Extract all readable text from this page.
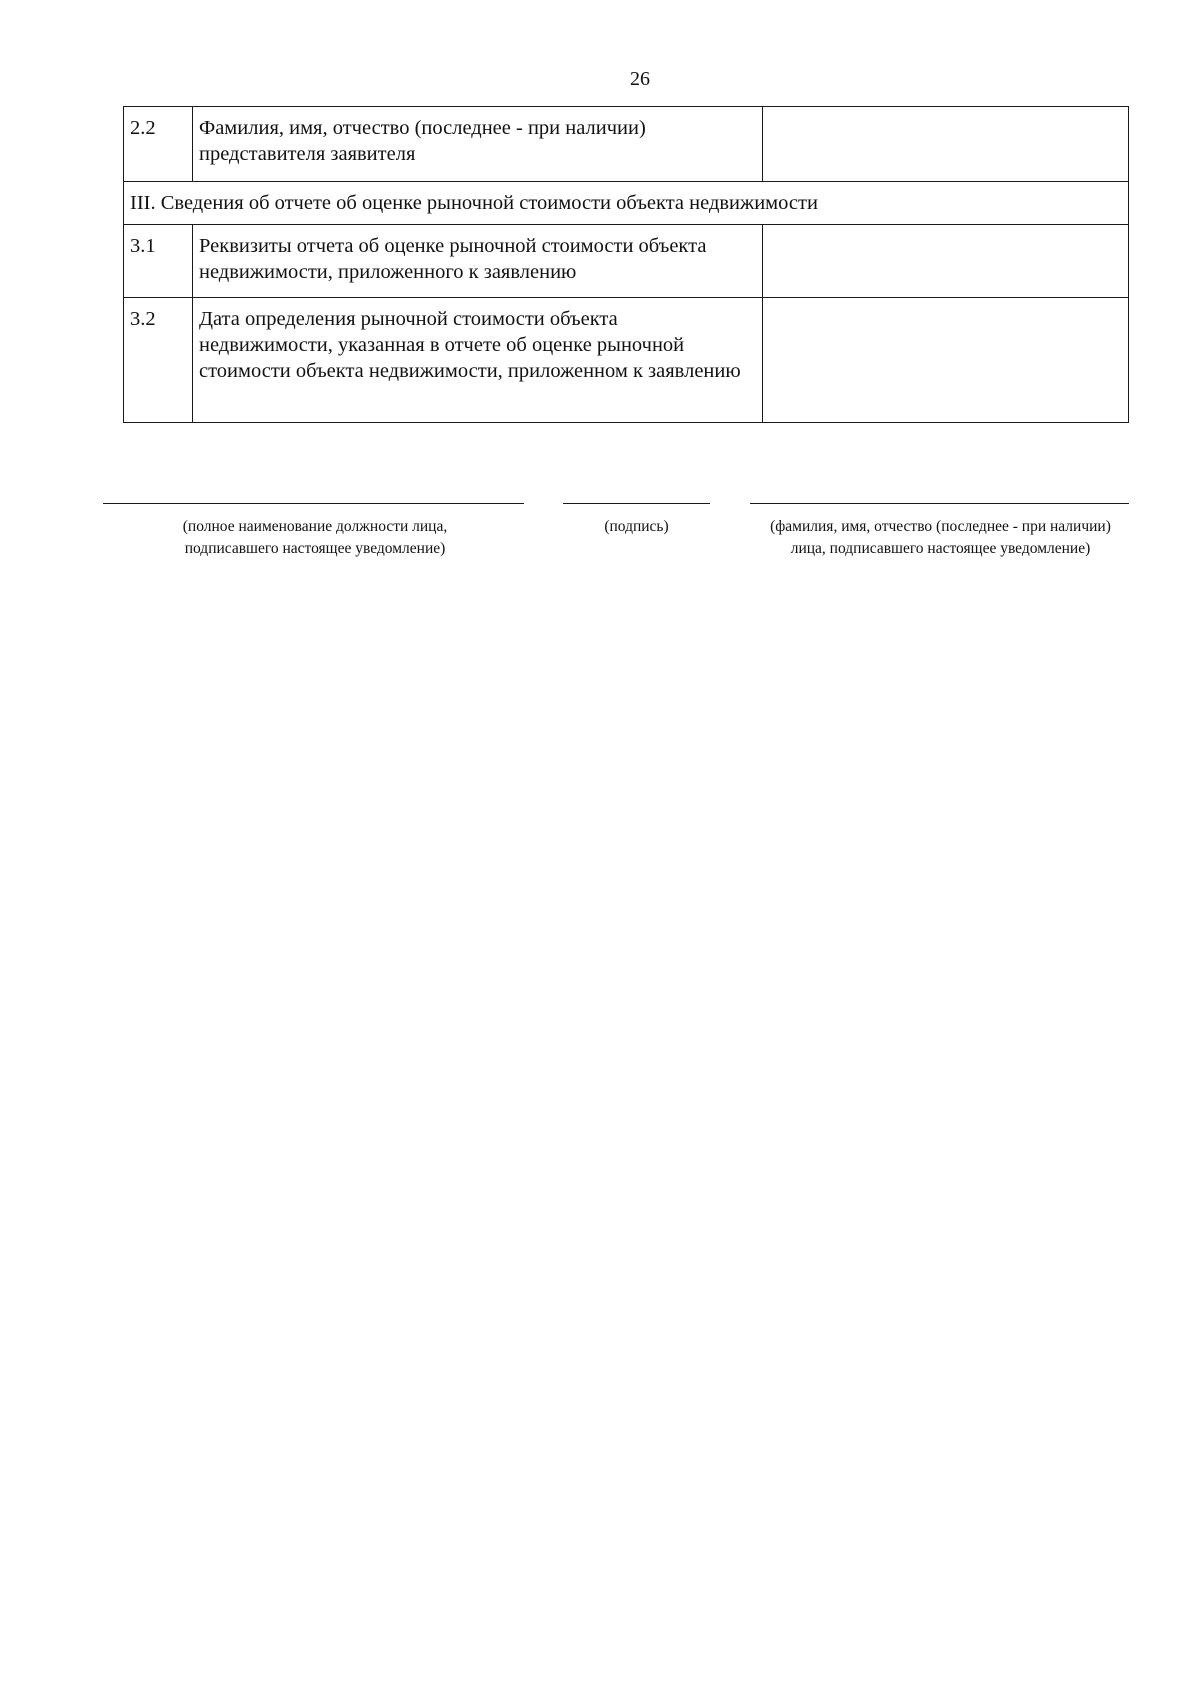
26
2.2	Фамилия, имя, отчество (последнее - при наличии) представителя заявителя	
III. Сведения об отчете об оценке рыночной стоимости объекта недвижимости		
3.1	Реквизиты отчета об оценке рыночной стоимости объекта недвижимости, приложенного к заявлению	
3.2	Дата определения рыночной стоимости объекта недвижимости, указанная в отчете об оценке рыночной стоимости объекта недвижимости, приложенном к заявлению	
(полное наименование должности лица, подписавшего настоящее уведомление)
(подпись)	(фамилия, имя, отчество (последнее - при наличии) лица, подписавшего настоящее уведомление)
